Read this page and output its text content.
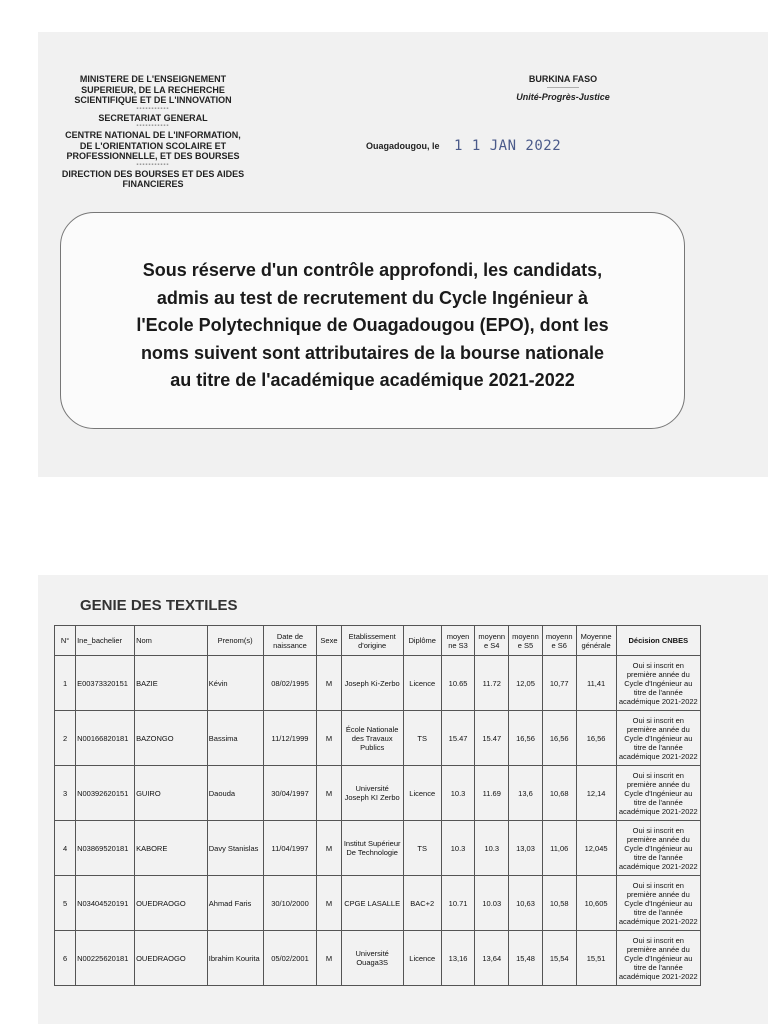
MINISTERE DE L'ENSEIGNEMENT
SUPERIEUR, DE LA RECHERCHE
SCIENTIFIQUE ET DE L'INNOVATION
-----------
SECRETARIAT GENERAL
-----------
CENTRE NATIONAL DE L'INFORMATION,
DE L'ORIENTATION SCOLAIRE ET
PROFESSIONNELLE, ET DES BOURSES
-----------
DIRECTION DES BOURSES ET DES AIDES
FINANCIERES
BURKINA FASO
----------------
Unité-Progrès-Justice
Ouagadougou, le 1 1 JAN 2022
Sous réserve d'un contrôle approfondi, les candidats,
admis au test de recrutement du Cycle Ingénieur à
l'Ecole Polytechnique de Ouagadougou (EPO), dont les
noms suivent sont attributaires de la bourse nationale
au titre de l'académique académique 2021-2022
GENIE DES TEXTILES
N°	Ine_bachelier	Nom	Prenom(s)	Date de naissance	Sexe	Etablissement d'origine	Diplôme	moyen ne S3	moyenn e S4	moyenn e S5	moyenn e S6	Moyenne générale	Décision CNBES
1	E00373320151	BAZIE	Kévin	08/02/1995	M	Joseph Ki-Zerbo	Licence	10.65	11.72	12,05	10,77	11,41	Oui si inscrit en première année du Cycle d'Ingénieur au titre de l'année académique 2021-2022
2	N00166820181	BAZONGO	Bassima	11/12/1999	M	École Nationale des Travaux Publics	TS	15.47	15.47	16,56	16,56	16,56	Oui si inscrit en première année du Cycle d'Ingénieur au titre de l'année académique 2021-2022
3	N00392620151	GUIRO	Daouda	30/04/1997	M	Université Joseph KI Zerbo	Licence	10.3	11.69	13,6	10,68	12,14	Oui si inscrit en première année du Cycle d'Ingénieur au titre de l'année académique 2021-2022
4	N03869520181	KABORE	Davy Stanislas	11/04/1997	M	Institut Supérieur De Technologie	TS	10.3	10.3	13,03	11,06	12,045	Oui si inscrit en première année du Cycle d'Ingénieur au titre de l'année académique 2021-2022
5	N03404520191	OUEDRAOGO	Ahmad Faris	30/10/2000	M	CPGE LASALLE	BAC+2	10.71	10.03	10,63	10,58	10,605	Oui si inscrit en première année du Cycle d'Ingénieur au titre de l'année académique 2021-2022
6	N00225620181	OUEDRAOGO	Ibrahim Kourita	05/02/2001	M	Université Ouaga3S	Licence	13,16	13,64	15,48	15,54	15,51	Oui si inscrit en première année du Cycle d'Ingénieur au titre de l'année académique 2021-2022
